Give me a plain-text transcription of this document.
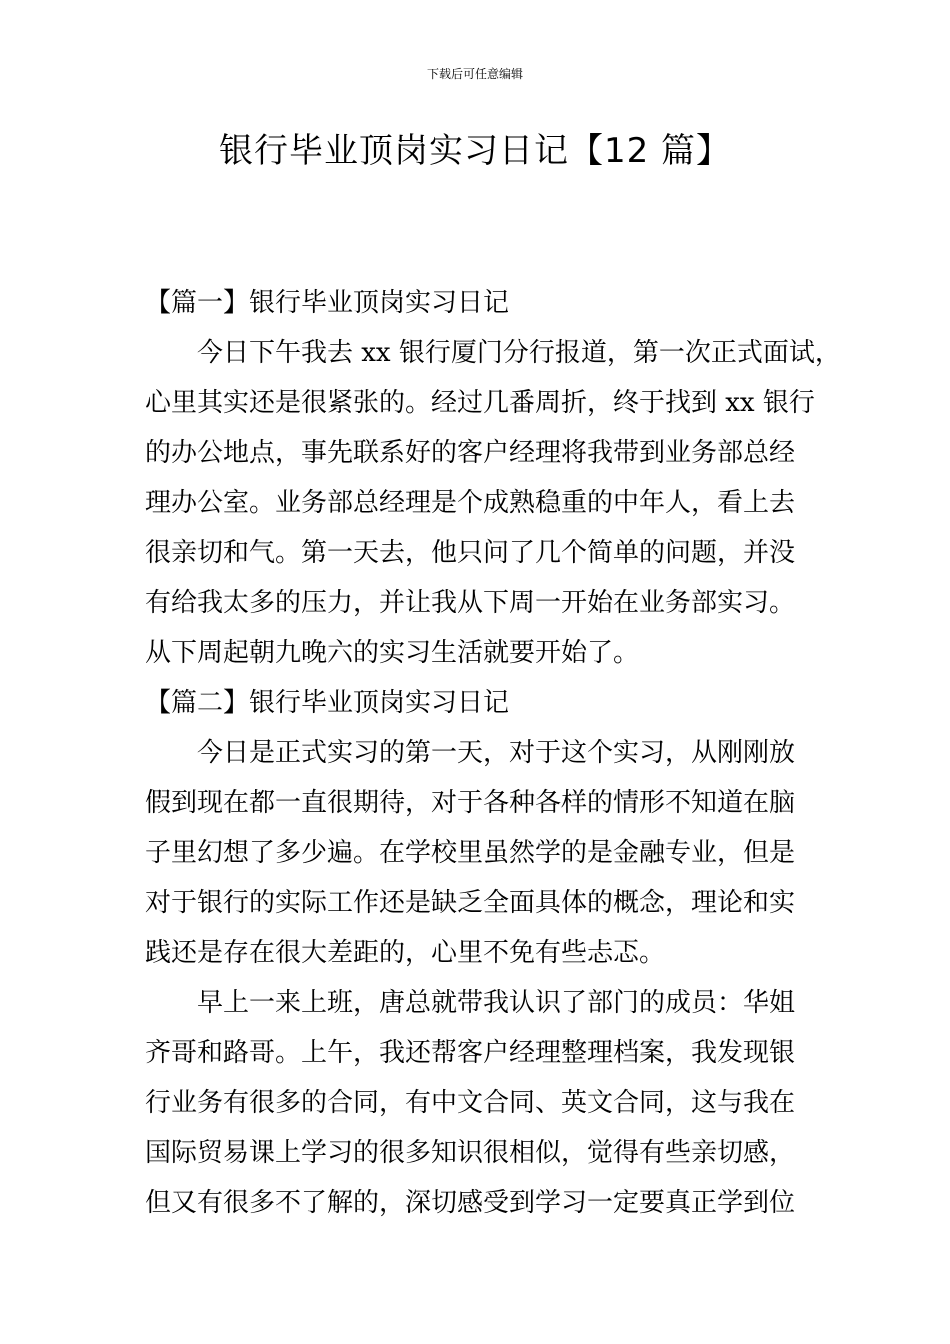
下载后可任意编辑
银行毕业顶岗实习日记【12 篇】
【篇一】银行毕业顶岗实习日记
今日下午我去 xx 银行厦门分行报道，第一次正式面试，
心里其实还是很紧张的。经过几番周折，终于找到 xx 银行
的办公地点，事先联系好的客户经理将我带到业务部总经
理办公室。业务部总经理是个成熟稳重的中年人，看上去
很亲切和气。第一天去，他只问了几个简单的问题，并没
有给我太多的压力，并让我从下周一开始在业务部实习。
从下周起朝九晚六的实习生活就要开始了。
【篇二】银行毕业顶岗实习日记
今日是正式实习的第一天，对于这个实习，从刚刚放
假到现在都一直很期待，对于各种各样的情形不知道在脑
子里幻想了多少遍。在学校里虽然学的是金融专业，但是
对于银行的实际工作还是缺乏全面具体的概念，理论和实
践还是存在很大差距的，心里不免有些忐忑。
早上一来上班，唐总就带我认识了部门的成员：华姐
齐哥和路哥。上午，我还帮客户经理整理档案，我发现银
行业务有很多的合同，有中文合同、英文合同，这与我在
国际贸易课上学习的很多知识很相似，觉得有些亲切感，
但又有很多不了解的，深切感受到学习一定要真正学到位
